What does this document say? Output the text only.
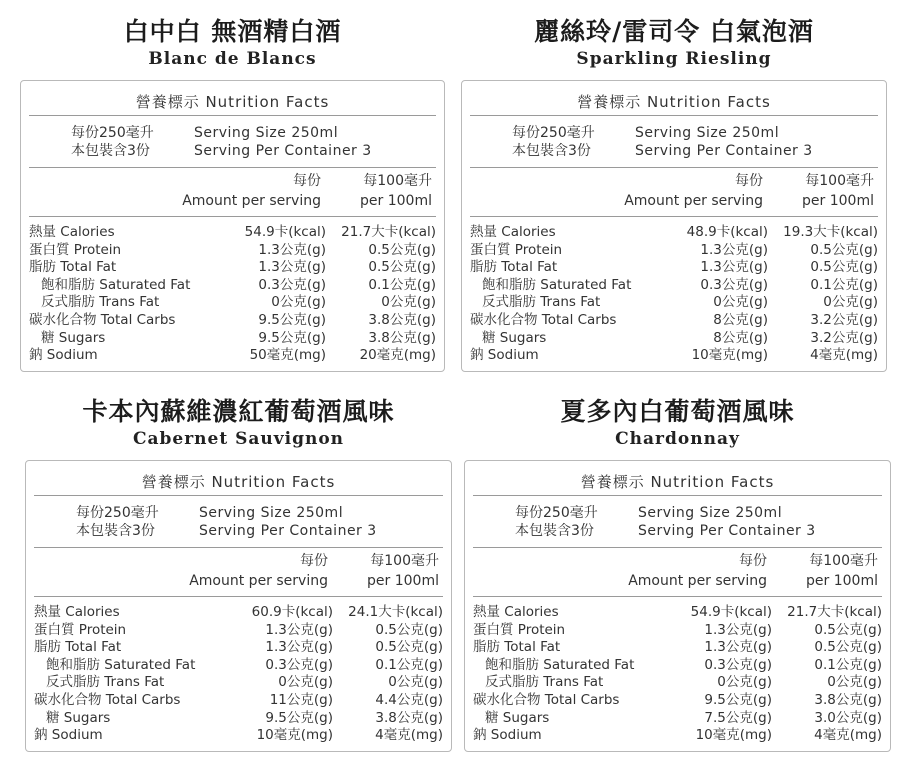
白中白 無酒精白酒
Blanc de Blancs
營養標示 Nutrition Facts
每份250毫升
本包裝含3份
Serving Size 250ml
Serving Per Container 3
每份
Amount per serving
每100毫升
per 100ml
熱量 Calories	54.9卡(kcal) 21.7大卡(kcal)
蛋白質 Protein	1.3公克(g)	0.5公克(g)
脂肪 Total Fat	1.3公克(g)	0.5公克(g)
飽和脂肪 Saturated Fat	0.3公克(g)	0.1公克(g)
反式脂肪 Trans Fat	0公克(g)	0公克(g)
碳水化合物 Total Carbs	9.5公克(g)	3.8公克(g)
糖 Sugars	9.5公克(g)	3.8公克(g)
鈉 Sodium	50毫克(mg) 20毫克(mg)
麗絲玲/雷司令 白氣泡酒
Sparkling Riesling
營養標示 Nutrition Facts
每份250毫升
本包裝含3份
Serving Size 250ml
Serving Per Container 3
每份
Amount per serving
每100毫升
per 100ml
熱量 Calories	48.9卡(kcal) 19.3大卡(kcal)
蛋白質 Protein	1.3公克(g)	0.5公克(g)
脂肪 Total Fat	1.3公克(g)	0.5公克(g)
飽和脂肪 Saturated Fat	0.3公克(g)	0.1公克(g)
反式脂肪 Trans Fat	0公克(g)	0公克(g)
碳水化合物 Total Carbs	8公克(g)	3.2公克(g)
糖 Sugars	8公克(g)	3.2公克(g)
鈉 Sodium	10毫克(mg)	4毫克(mg)
卡本內蘇維濃紅葡萄酒風味
Cabernet Sauvignon
營養標示 Nutrition Facts
每份250毫升
本包裝含3份
Serving Size 250ml
Serving Per Container 3
每份
Amount per serving
每100毫升
per 100ml
熱量 Calories	60.9卡(kcal) 24.1大卡(kcal)
蛋白質 Protein	1.3公克(g)	0.5公克(g)
脂肪 Total Fat	1.3公克(g)	0.5公克(g)
飽和脂肪 Saturated Fat	0.3公克(g)	0.1公克(g)
反式脂肪 Trans Fat	0公克(g)	0公克(g)
碳水化合物 Total Carbs	11公克(g)	4.4公克(g)
糖 Sugars	9.5公克(g)	3.8公克(g)
鈉 Sodium	10毫克(mg)	4毫克(mg)
夏多內白葡萄酒風味
Chardonnay
營養標示 Nutrition Facts
每份250毫升
本包裝含3份
Serving Size 250ml
Serving Per Container 3
每份
Amount per serving
每100毫升
per 100ml
熱量 Calories	54.9卡(kcal) 21.7大卡(kcal)
蛋白質 Protein	1.3公克(g)	0.5公克(g)
脂肪 Total Fat	1.3公克(g)	0.5公克(g)
飽和脂肪 Saturated Fat	0.3公克(g)	0.1公克(g)
反式脂肪 Trans Fat	0公克(g)	0公克(g)
碳水化合物 Total Carbs	9.5公克(g)	3.8公克(g)
糖 Sugars	7.5公克(g)	3.0公克(g)
鈉 Sodium	10毫克(mg)	4毫克(mg)
